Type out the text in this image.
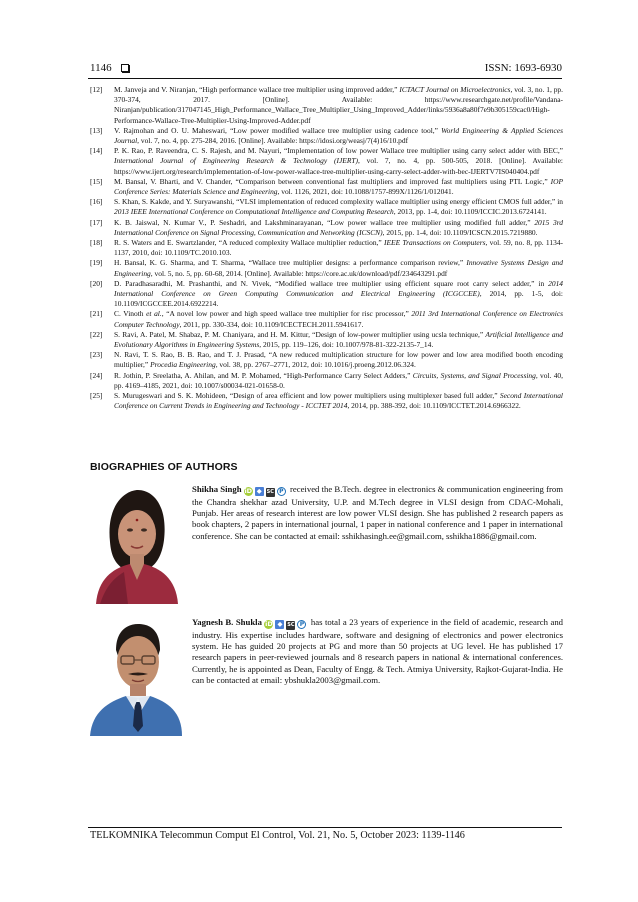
1146	ISSN: 1693-6930
[12] M. Janveja and V. Niranjan, “High performance wallace tree multiplier using improved adder,” ICTACT Journal on Microelectronics, vol. 3, no. 1, pp. 370-374, 2017. [Online]. Available: https://www.researchgate.net/profile/Vandana-Niranjan/publication/317047145_High_Performance_Wallace_Tree_Multiplier_Using_Improved_Adder/links/5936a8a80f7e9b305159cac0/High-Performance-Wallace-Tree-Multiplier-Using-Improved-Adder.pdf
[13] V. Rajmohan and O. U. Maheswari, “Low power modified wallace tree multiplier using cadence tool,” World Engineering & Applied Sciences Journal, vol. 7, no. 4, pp. 275-284, 2016. [Online]. Available: https://idosi.org/weasj/7(4)16/10.pdf
[14] P. K. Rao, P. Raveendra, C. S. Rajesh, and M. Nayuri, “Implementation of low power Wallace tree multiplier using carry select adder with BEC,” International Journal of Engineering Research & Technology (IJERT), vol. 7, no. 4, pp. 500-505, 2018. [Online]. Available: https://www.ijert.org/research/implementation-of-low-power-wallace-tree-multiplier-using-carry-select-adder-with-bec-IJERTV7IS040404.pdf
[15] M. Bansal, V. Bharti, and V. Chander, “Comparison between conventional fast multipliers and improved fast multipliers using PTL Logic,” IOP Conference Series: Materials Science and Engineering, vol. 1126, 2021, doi: 10.1088/1757-899X/1126/1/012041.
[16] S. Khan, S. Kakde, and Y. Suryawanshi, “VLSI implementation of reduced complexity wallace multiplier using energy efficient CMOS full adder,” in 2013 IEEE International Conference on Computational Intelligence and Computing Research, 2013, pp. 1-4, doi: 10.1109/ICCIC.2013.6724141.
[17] K. B. Jaiswal, N. Kumar V., P. Seshadri, and Lakshminarayanan, “Low power wallace tree multiplier using modified full adder,” 2015 3rd International Conference on Signal Processing, Communication and Networking (ICSCN), 2015, pp. 1-4, doi: 10.1109/ICSCN.2015.7219880.
[18] R. S. Waters and E. Swartzlander, “A reduced complexity Wallace multiplier reduction,” IEEE Transactions on Computers, vol. 59, no. 8, pp. 1134-1137, 2010, doi: 10.1109/TC.2010.103.
[19] H. Bansal, K. G. Sharma, and T. Sharma, “Wallace tree multiplier designs: a performance comparison review,” Innovative Systems Design and Engineering, vol. 5, no. 5, pp. 60-68, 2014. [Online]. Available: https://core.ac.uk/download/pdf/234643291.pdf
[20] D. Paradhasaradhi, M. Prashanthi, and N. Vivek, “Modified wallace tree multiplier using efficient square root carry select adder,” in 2014 International Conference on Green Computing Communication and Electrical Engineering (ICGCCEE), 2014, pp. 1-5, doi: 10.1109/ICGCCEE.2014.6922214.
[21] C. Vinoth et al., “A novel low power and high speed wallace tree multiplier for risc processor,” 2011 3rd International Conference on Electronics Computer Technology, 2011, pp. 330-334, doi: 10.1109/ICECTECH.2011.5941617.
[22] S. Ravi, A. Patel, M. Shabaz, P. M. Chaniyara, and H. M. Kittur, “Design of low-power multiplier using ucsla technique,” Artificial Intelligence and Evolutionary Algorithms in Engineering Systems, 2015, pp. 119–126, doi: 10.1007/978-81-322-2135-7_14.
[23] N. Ravi, T. S. Rao, B. B. Rao, and T. J. Prasad, “A new reduced multiplication structure for low power and low area modified booth encoding multiplier,” Procedia Engineering, vol. 38, pp. 2767–2771, 2012, doi: 10.1016/j.proeng.2012.06.324.
[24] R. Jothin, P. Sreelatha, A. Ahilan, and M. P. Mohamed, “High-Performance Carry Select Adders,” Circuits, Systems, and Signal Processing, vol. 40, pp. 4169–4185, 2021, doi: 10.1007/s00034-021-01658-0.
[25] S. Murugeswari and S. K. Mohideen, “Design of area efficient and low power multipliers using multiplexer based full adder,” Second International Conference on Current Trends in Engineering and Technology - ICCTET 2014, 2014, pp. 388-392, doi: 10.1109/ICCTET.2014.6966322.
BIOGRAPHIES OF AUTHORS
Shikha Singh iD ◆ SC P received the B.Tech. degree in electronics & communication engineering from the Chandra shekhar azad University, U.P. and M.Tech degree in VLSI design from CDAC-Mohali, Punjab. Her areas of research interest are low power VLSI design. She has published 2 research papers as book chapters, 2 papers in international journal, 1 paper in national conference and 1 paper in international conference. She can be contacted at email: sshikhasingh.ee@gmail.com, sshikha1886@gmail.com.
Yagnesh B. Shukla iD ◆ SC P has total a 23 years of experience in the field of academic, research and industry. His expertise includes hardware, software and designing of electronics and power electronics system. He has guided 20 projects at PG and more than 50 projects at UG level. He has published 17 research papers in peer-reviewed journals and 8 research papers in national & international conferences. Currently, he is appointed as Dean, Faculty of Engg. & Tech. Atmiya University, Rajkot-Gujarat-India. He can be contacted at email: ybshukla2003@gmail.com.
TELKOMNIKA Telecommun Comput El Control, Vol. 21, No. 5, October 2023: 1139-1146
